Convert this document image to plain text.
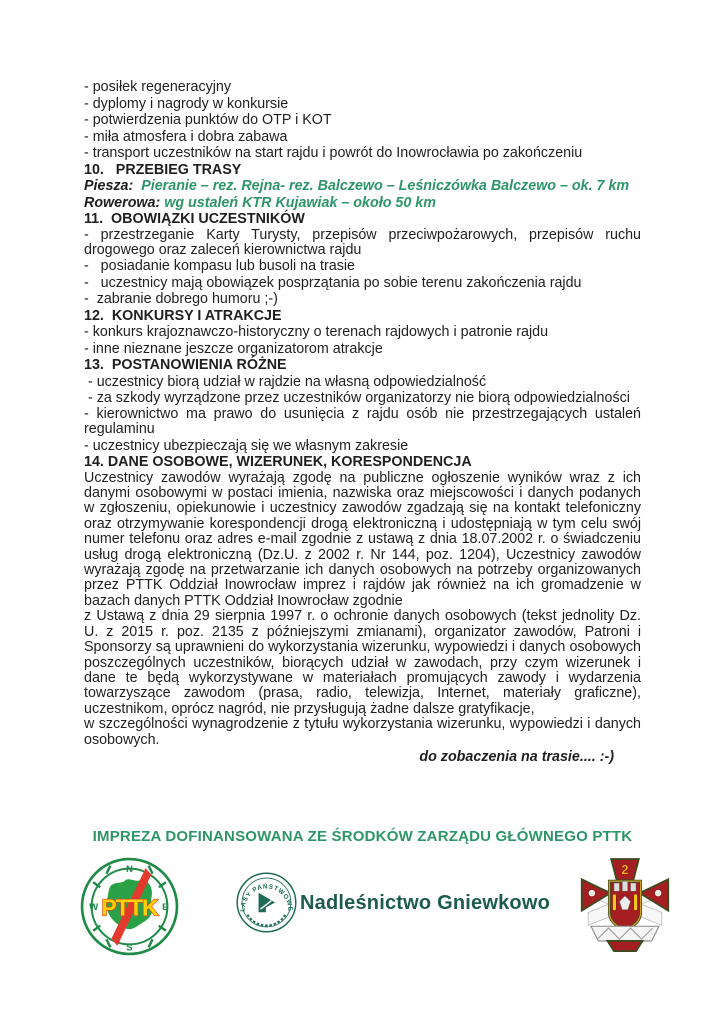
- posiłek regeneracyjny
- dyplomy i nagrody w konkursie
- potwierdzenia punktów do OTP i KOT
- miła atmosfera i dobra zabawa
- transport uczestników na start rajdu i powrót do Inowrocławia po zakończeniu
10.   PRZEBIEG TRASY
Piesza:  Pieranie – rez. Rejna- rez. Balczewo – Leśniczówka Balczewo – ok. 7 km
Rowerowa: wg ustaleń KTR Kujawiak – około 50 km
11.  OBOWIĄZKI UCZESTNIKÓW
- przestrzeganie Karty Turysty, przepisów przeciwpożarowych, przepisów ruchu drogowego oraz zaleceń kierownictwa rajdu
-   posiadanie kompasu lub busoli na trasie
-   uczestnicy mają obowiązek posprzątania po sobie terenu zakończenia rajdu
-  zabranie dobrego humoru ;-)
12.  KONKURSY I ATRAKCJE
- konkurs krajoznawczo-historyczny o terenach rajdowych i patronie rajdu
- inne nieznane jeszcze organizatorom atrakcje
13.  POSTANOWIENIA RÓŻNE
- uczestnicy biorą udział w rajdzie na własną odpowiedzialność
- za szkody wyrządzone przez uczestników organizatorzy nie biorą odpowiedzialności
- kierownictwo ma prawo do usunięcia z rajdu osób nie przestrzegających ustaleń regulaminu
- uczestnicy ubezpieczają się we własnym zakresie
14. DANE OSOBOWE, WIZERUNEK, KORESPONDENCJA
Uczestnicy zawodów wyrażają zgodę na publiczne ogłoszenie wyników wraz z ich danymi osobowymi w postaci imienia, nazwiska oraz miejscowości i danych podanych w zgłoszeniu, opiekunowie i uczestnicy zawodów zgadzają się na kontakt telefoniczny oraz otrzymywanie korespondencji drogą elektroniczną i udostępniają w tym celu swój numer telefonu oraz adres e-mail zgodnie z ustawą z dnia 18.07.2002 r. o świadczeniu usług drogą elektroniczną (Dz.U. z 2002 r. Nr 144, poz. 1204), Uczestnicy zawodów wyrażają zgodę na przetwarzanie ich danych osobowych na potrzeby organizowanych przez PTTK Oddział Inowrocław imprez i rajdów jak również na ich gromadzenie w bazach danych PTTK Oddział Inowrocław zgodnie
z Ustawą z dnia 29 sierpnia 1997 r. o ochronie danych osobowych (tekst jednolity Dz. U. z 2015 r. poz. 2135 z późniejszymi zmianami), organizator zawodów, Patroni i Sponsorzy są uprawnieni do wykorzystania wizerunku, wypowiedzi i danych osobowych poszczególnych uczestników, biorących udział w zawodach, przy czym wizerunek i dane te będą wykorzystywane w materiałach promujących zawody i wydarzenia towarzyszące zawodom (prasa, radio, telewizja, Internet, materiały graficzne), uczestnikom, oprócz nagród, nie przysługują żadne dalsze gratyfikacje,
w szczególności wynagrodzenie z tytułu wykorzystania wizerunku, wypowiedzi i danych osobowych.
do zobaczenia na trasie.... :-)
IMPREZA DOFINANSOWANA ZE ŚRODKÓW ZARZĄDU GŁÓWNEGO PTTK
N
E
S
W PTTK	LASY PAŃSTWOWE Nadleśnictwo Gniewkowo
2
